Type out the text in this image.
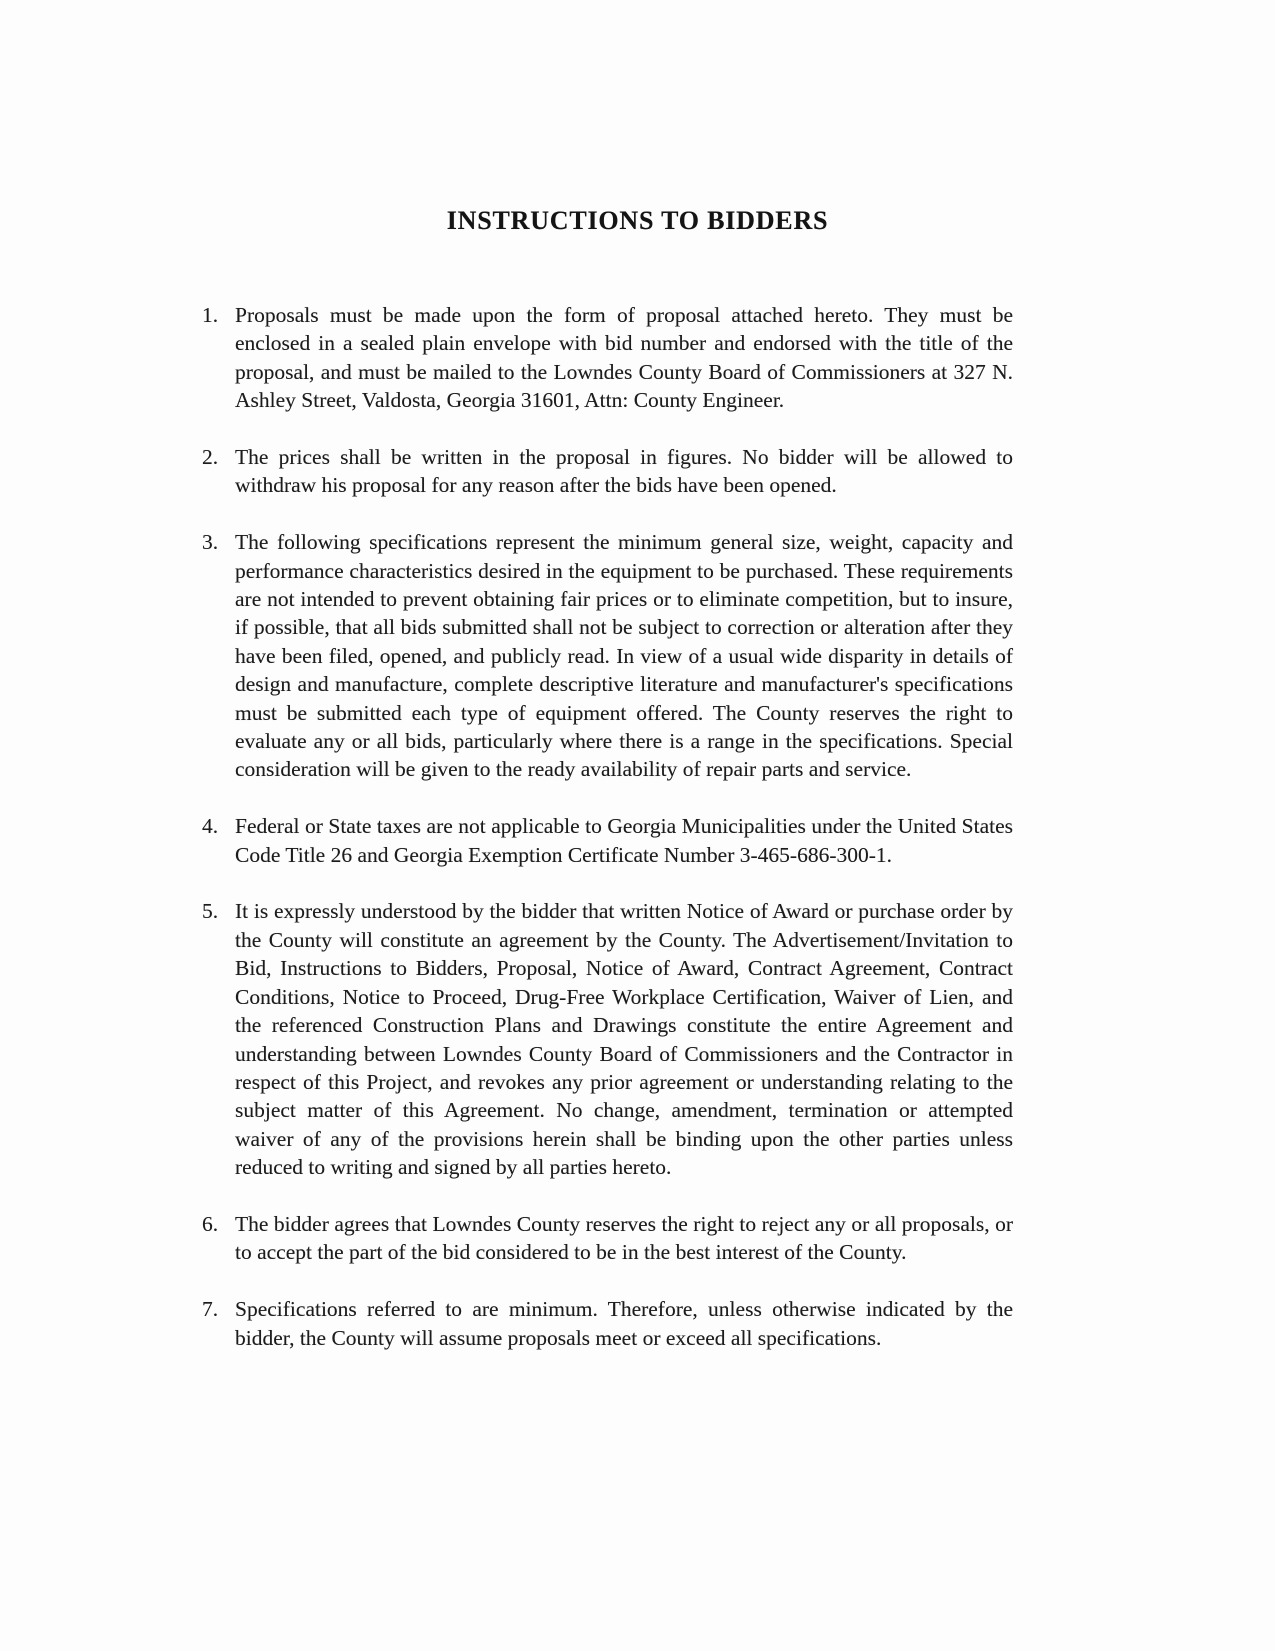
INSTRUCTIONS TO BIDDERS
1. Proposals must be made upon the form of proposal attached hereto. They must be enclosed in a sealed plain envelope with bid number and endorsed with the title of the proposal, and must be mailed to the Lowndes County Board of Commissioners at 327 N. Ashley Street, Valdosta, Georgia 31601, Attn: County Engineer.

2. The prices shall be written in the proposal in figures. No bidder will be allowed to withdraw his proposal for any reason after the bids have been opened.

3. The following specifications represent the minimum general size, weight, capacity and performance characteristics desired in the equipment to be purchased. These requirements are not intended to prevent obtaining fair prices or to eliminate competition, but to insure, if possible, that all bids submitted shall not be subject to correction or alteration after they have been filed, opened, and publicly read. In view of a usual wide disparity in details of design and manufacture, complete descriptive literature and manufacturer's specifications must be submitted each type of equipment offered. The County reserves the right to evaluate any or all bids, particularly where there is a range in the specifications. Special consideration will be given to the ready availability of repair parts and service.

4. Federal or State taxes are not applicable to Georgia Municipalities under the United States Code Title 26 and Georgia Exemption Certificate Number 3-465-686-300-1.

5. It is expressly understood by the bidder that written Notice of Award or purchase order by the County will constitute an agreement by the County. The Advertisement/Invitation to Bid, Instructions to Bidders, Proposal, Notice of Award, Contract Agreement, Contract Conditions, Notice to Proceed, Drug-Free Workplace Certification, Waiver of Lien, and the referenced Construction Plans and Drawings constitute the entire Agreement and understanding between Lowndes County Board of Commissioners and the Contractor in respect of this Project, and revokes any prior agreement or understanding relating to the subject matter of this Agreement. No change, amendment, termination or attempted waiver of any of the provisions herein shall be binding upon the other parties unless reduced to writing and signed by all parties hereto.

6. The bidder agrees that Lowndes County reserves the right to reject any or all proposals, or to accept the part of the bid considered to be in the best interest of the County.

7. Specifications referred to are minimum. Therefore, unless otherwise indicated by the bidder, the County will assume proposals meet or exceed all specifications.
